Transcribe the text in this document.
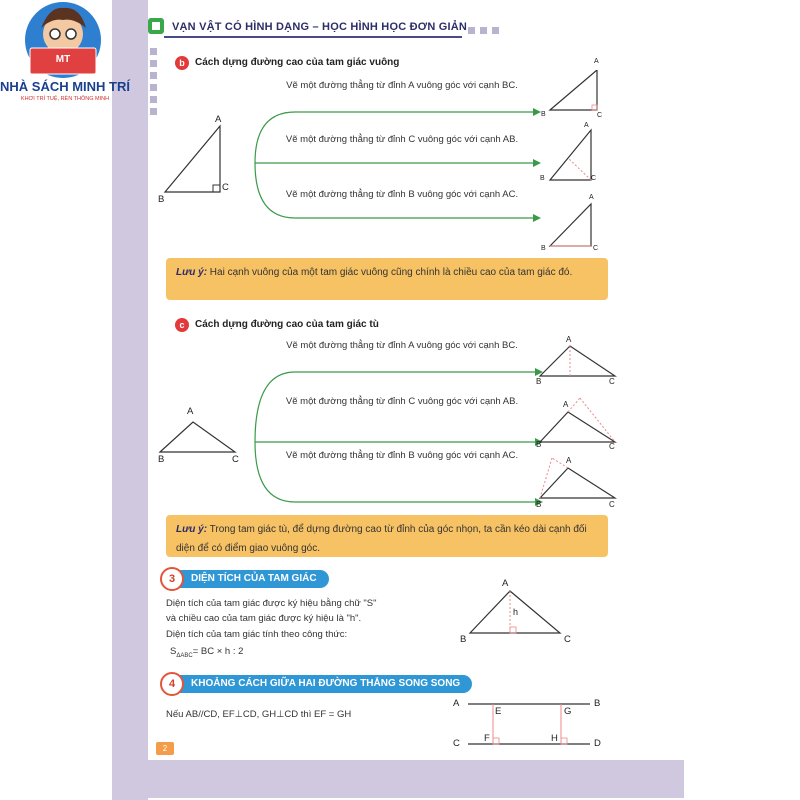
MT
NHÀ SÁCH MINH TRÍ
KHƠI TRÍ TUỆ, RÈN THÔNG MINH
VẠN VẬT CÓ HÌNH DẠNG – HỌC HÌNH HỌC ĐƠN GIẢN
b	Cách dựng đường cao của tam giác vuông
A
B
C
Vẽ một đường thẳng từ đỉnh A vuông góc với cạnh BC.
Vẽ một đường thẳng từ đỉnh C vuông góc với cạnh AB.
Vẽ một đường thẳng từ đỉnh B vuông góc với cạnh AC.
A
B	C
A
B	C
A
B	C
Lưu ý: Hai cạnh vuông của một tam giác vuông cũng chính là chiều cao của tam giác đó.
c	Cách dựng đường cao của tam giác tù
A
B	C
Vẽ một đường thẳng từ đỉnh A vuông góc với cạnh BC.
Vẽ một đường thẳng từ đỉnh C vuông góc với cạnh AB.
Vẽ một đường thẳng từ đỉnh B vuông góc với cạnh AC.
A
B	C
A
B	C
A
B	C
Lưu ý: Trong tam giác tù, để dựng đường cao từ đỉnh của góc nhọn, ta cần kéo dài cạnh đối diện để có điểm giao vuông góc.
DIỆN TÍCH CỦA TAM GIÁC
3
Diện tích của tam giác được ký hiệu bằng chữ "S"
và chiều cao của tam giác được ký hiệu là "h".
Diện tích của tam giác tính theo công thức:
$S_{\Delta ABC}=$ BC × h : 2
A
B	C
h
KHOẢNG CÁCH GIỮA HAI ĐƯỜNG THẲNG SONG SONG
4
Nếu AB//CD, EF⊥CD, GH⊥CD thì EF = GH
A	B
C	D
E
F
G
H
2
